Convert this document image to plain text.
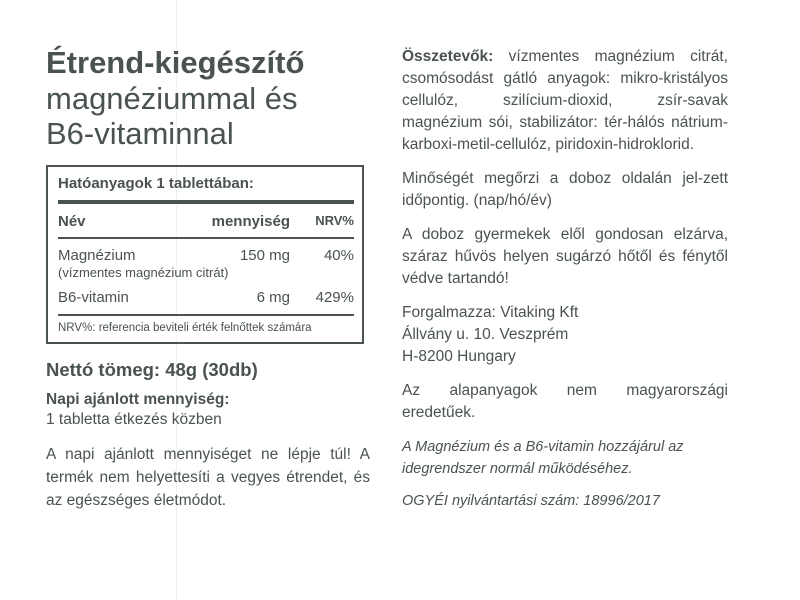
Étrend-kiegészítő
magnéziummal és
B6-vitaminnal
Hatóanyagok 1 tablettában:
Név	mennyiség	NRV%
Magnézium	150 mg	40%
(vízmentes magnézium citrát)
B6-vitamin	6 mg	429%
NRV%: referencia beviteli érték felnőttek számára
Nettó tömeg: 48g (30db)
Napi ajánlott mennyiség:
1 tabletta étkezés közben
A napi ajánlott mennyiséget ne lépje túl! A termék nem helyettesíti a vegyes étrendet, és az egészséges életmódot.

Összetevők: vízmentes magnézium citrát, csomósodást gátló anyagok: mikro-kristályos cellulóz, szilícium-dioxid, zsír-savak magnézium sói, stabilizátor: tér-hálós nátrium-karboxi-metil-cellulóz, piridoxin-hidroklorid.

Minőségét megőrzi a doboz oldalán jel-zett időpontig. (nap/hó/év)

A doboz gyermekek elől gondosan elzárva, száraz hűvös helyen sugárzó hőtől és fénytől védve tartandó!

Forgalmazza: Vitaking Kft
Állvány u. 10. Veszprém
H-8200 Hungary

Az alapanyagok nem magyarországi eredetűek.

A Magnézium és a B6-vitamin hozzájárul az idegrendszer normál működéséhez.

OGYÉI nyilvántartási szám: 18996/2017
